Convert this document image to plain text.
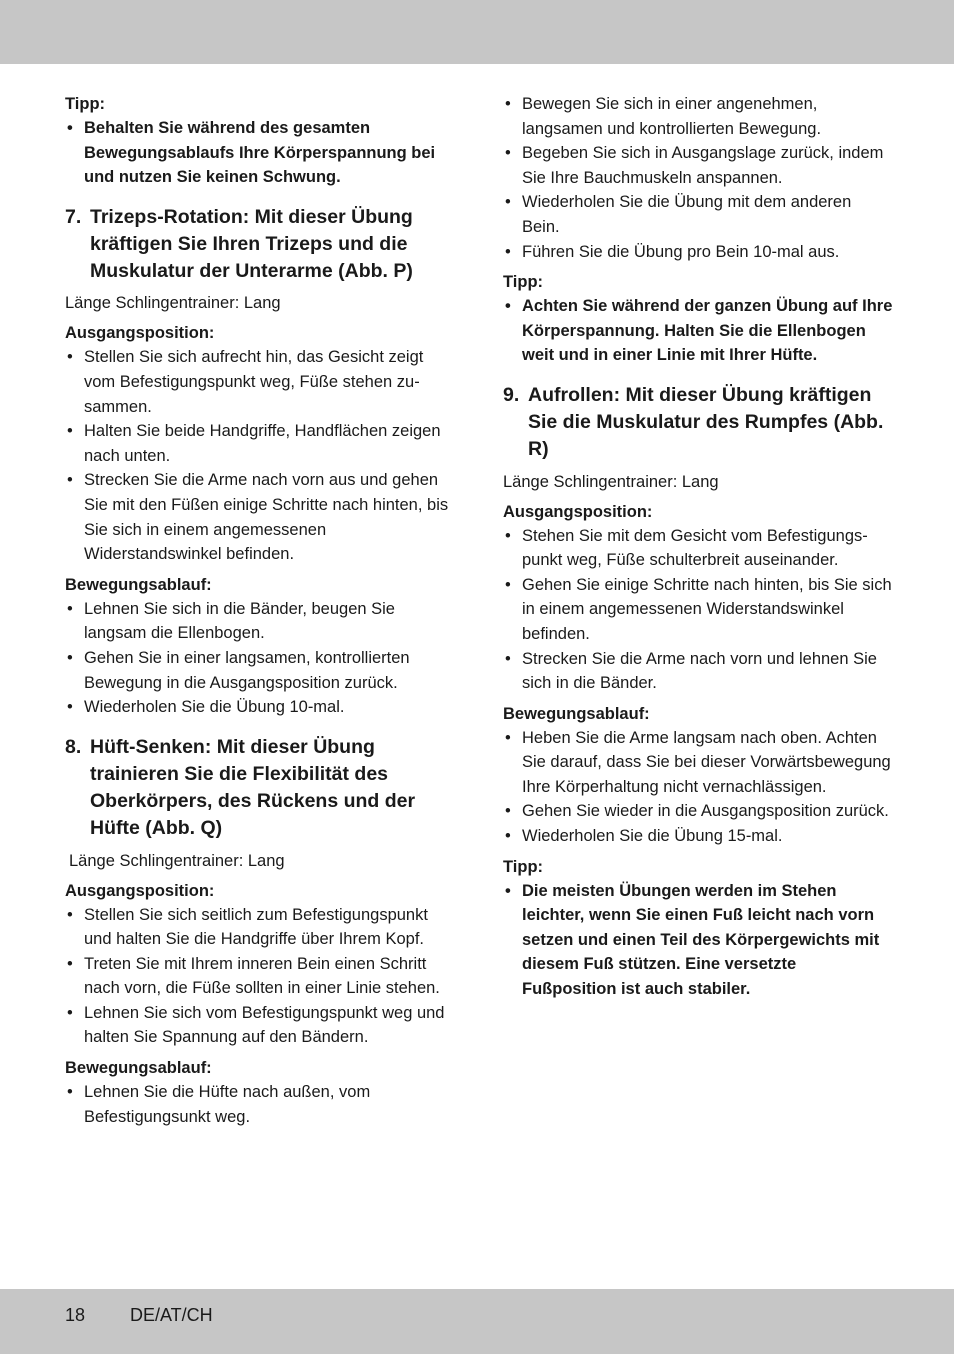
Tipp:

• Behalten Sie während des gesamten Bewegungsablaufs Ihre Körperspannung bei und nutzen Sie keinen Schwung.
7. Trizeps-Rotation: Mit dieser Übung kräftigen Sie Ihren Trizeps und die Muskulatur der Unterarme (Abb. P)

Länge Schlingentrainer: Lang

Ausgangsposition:

• Stellen Sie sich aufrecht hin, das Gesicht zeigt vom Befestigungspunkt weg, Füße stehen zusammen.
• Halten Sie beide Handgriffe, Handflächen zeigen nach unten.
• Strecken Sie die Arme nach vorn aus und gehen Sie mit den Füßen einige Schritte nach hinten, bis Sie sich in einem angemessenen Widerstandswinkel befinden.

Bewegungsablauf:

• Lehnen Sie sich in die Bänder, beugen Sie langsam die Ellenbogen.
• Gehen Sie in einer langsamen, kontrollierten Bewegung in die Ausgangsposition zurück.
• Wiederholen Sie die Übung 10-mal.
8. Hüft-Senken: Mit dieser Übung trainieren Sie die Flexibilität des Oberkörpers, des Rückens und der Hüfte (Abb. Q)

Länge Schlingentrainer: Lang

Ausgangsposition:

• Stellen Sie sich seitlich zum Befestigungspunkt und halten Sie die Handgriffe über Ihrem Kopf.
• Treten Sie mit Ihrem inneren Bein einen Schritt nach vorn, die Füße sollten in einer Linie stehen.
• Lehnen Sie sich vom Befestigungspunkt weg und halten Sie Spannung auf den Bändern.

Bewegungsablauf:

• Lehnen Sie die Hüfte nach außen, vom Befestigungsunkt weg.
• Bewegen Sie sich in einer angenehmen, langsamen und kontrollierten Bewegung.
• Begeben Sie sich in Ausgangslage zurück, indem Sie Ihre Bauchmuskeln anspannen.
• Wiederholen Sie die Übung mit dem anderen Bein.
• Führen Sie die Übung pro Bein 10-mal aus.

Tipp:

• Achten Sie während der ganzen Übung auf Ihre Körperspannung. Halten Sie die Ellenbogen weit und in einer Linie mit Ihrer Hüfte.
9. Aufrollen: Mit dieser Übung kräftigen Sie die Muskulatur des Rumpfes (Abb. R)

Länge Schlingentrainer: Lang

Ausgangsposition:

• Stehen Sie mit dem Gesicht vom Befestigungspunkt weg, Füße schulterbreit auseinander.
• Gehen Sie einige Schritte nach hinten, bis Sie sich in einem angemessenen Widerstandswinkel befinden.
• Strecken Sie die Arme nach vorn und lehnen Sie sich in die Bänder.

Bewegungsablauf:

• Heben Sie die Arme langsam nach oben. Achten Sie darauf, dass Sie bei dieser Vorwärtsbewegung Ihre Körperhaltung nicht vernachlässigen.
• Gehen Sie wieder in die Ausgangsposition zurück.
• Wiederholen Sie die Übung 15-mal.

Tipp:

• Die meisten Übungen werden im Stehen leichter, wenn Sie einen Fuß leicht nach vorn setzen und einen Teil des Körpergewichts mit diesem Fuß stützen. Eine versetzte Fußposition ist auch stabiler.
18 DE/AT/CH
